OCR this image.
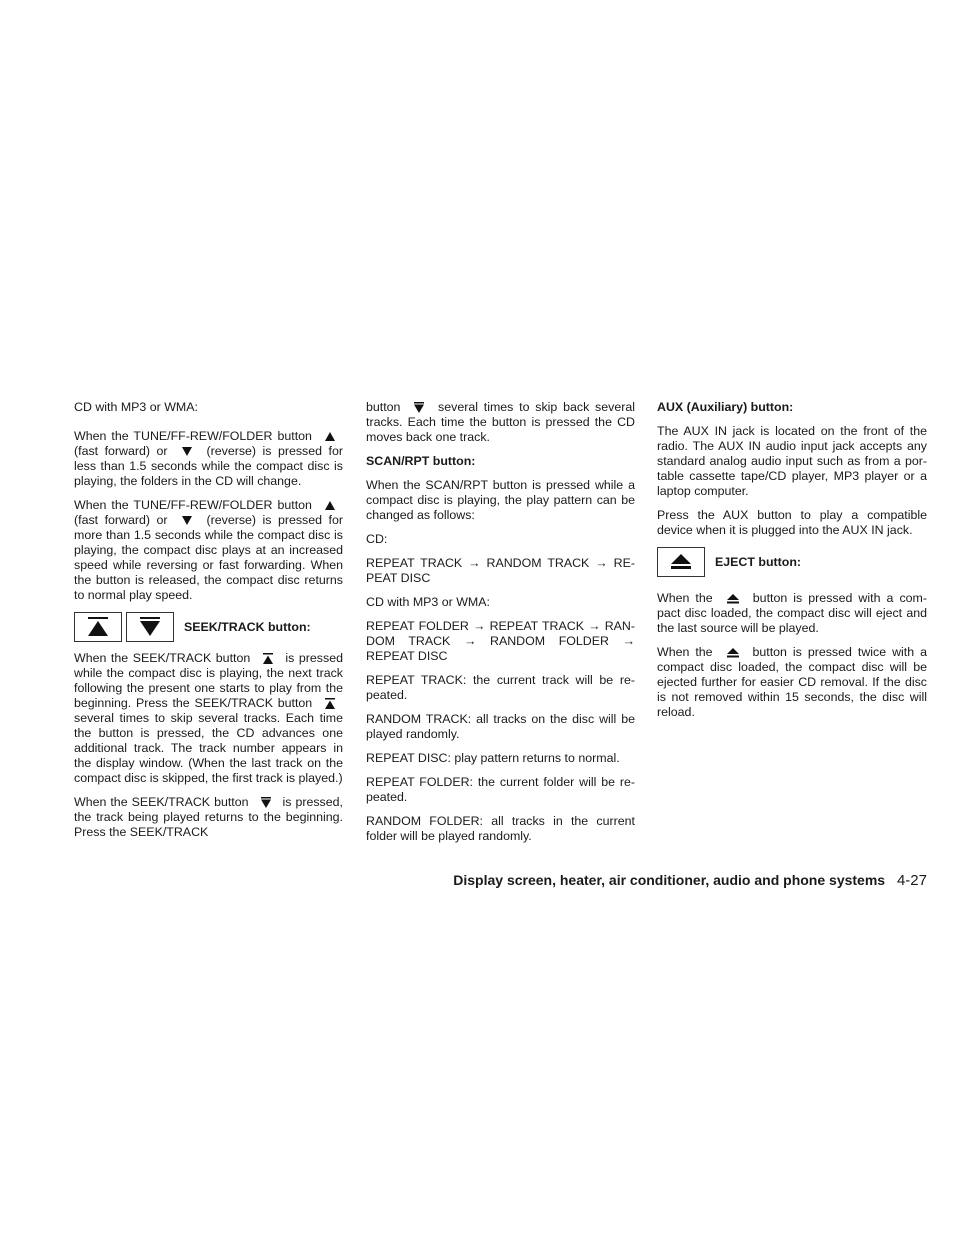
CD with MP3 or WMA:

When the TUNE/FF-REW/FOLDER button  (fast forward) or	(reverse) is pressed for less than 1.5 seconds while the compact disc is playing, the folders in the CD will change.

When the TUNE/FF-REW/FOLDER button  (fast forward) or	(reverse) is pressed for more than 1.5 seconds while the compact disc is playing, the compact disc plays at an increased speed while reversing or fast forwarding. When the button is released, the compact disc returns to normal play speed.

SEEK/TRACK button:

When the SEEK/TRACK button	is pressed while the compact disc is playing, the next track following the present one starts to play from the beginning. Press the SEEK/TRACK button  several times to skip several tracks. Each time the button is pressed, the CD advances one additional track. The track number appears in the display window. (When the last track on the compact disc is skipped, the first track is played.)

When the SEEK/TRACK button	is pressed, the track being played returns to the beginning. Press the SEEK/TRACK

button	several times to skip back several tracks. Each time the button is pressed the CD moves back one track.

SCAN/RPT button:

When the SCAN/RPT button is pressed while a compact disc is playing, the play pattern can be changed as follows:

CD:

REPEAT TRACK → RANDOM TRACK → RE-PEAT DISC

CD with MP3 or WMA:

REPEAT FOLDER → REPEAT TRACK → RAN-DOM TRACK → RANDOM FOLDER → REPEAT DISC

REPEAT TRACK: the current track will be re-peated.

RANDOM TRACK: all tracks on the disc will be played randomly.

REPEAT DISC: play pattern returns to normal.

REPEAT FOLDER: the current folder will be re-peated.

RANDOM FOLDER: all tracks in the current folder will be played randomly.

AUX (Auxiliary) button:

The AUX IN jack is located on the front of the radio. The AUX IN audio input jack accepts any standard analog audio input such as from a por-table cassette tape/CD player, MP3 player or a laptop computer.

Press the AUX button to play a compatible device when it is plugged into the AUX IN jack.

EJECT button:

When the	button is pressed with a com-pact disc loaded, the compact disc will eject and the last source will be played.

When the	button is pressed twice with a compact disc loaded, the compact disc will be ejected further for easier CD removal. If the disc is not removed within 15 seconds, the disc will reload.

Display screen, heater, air conditioner, audio and phone systems 4-27
